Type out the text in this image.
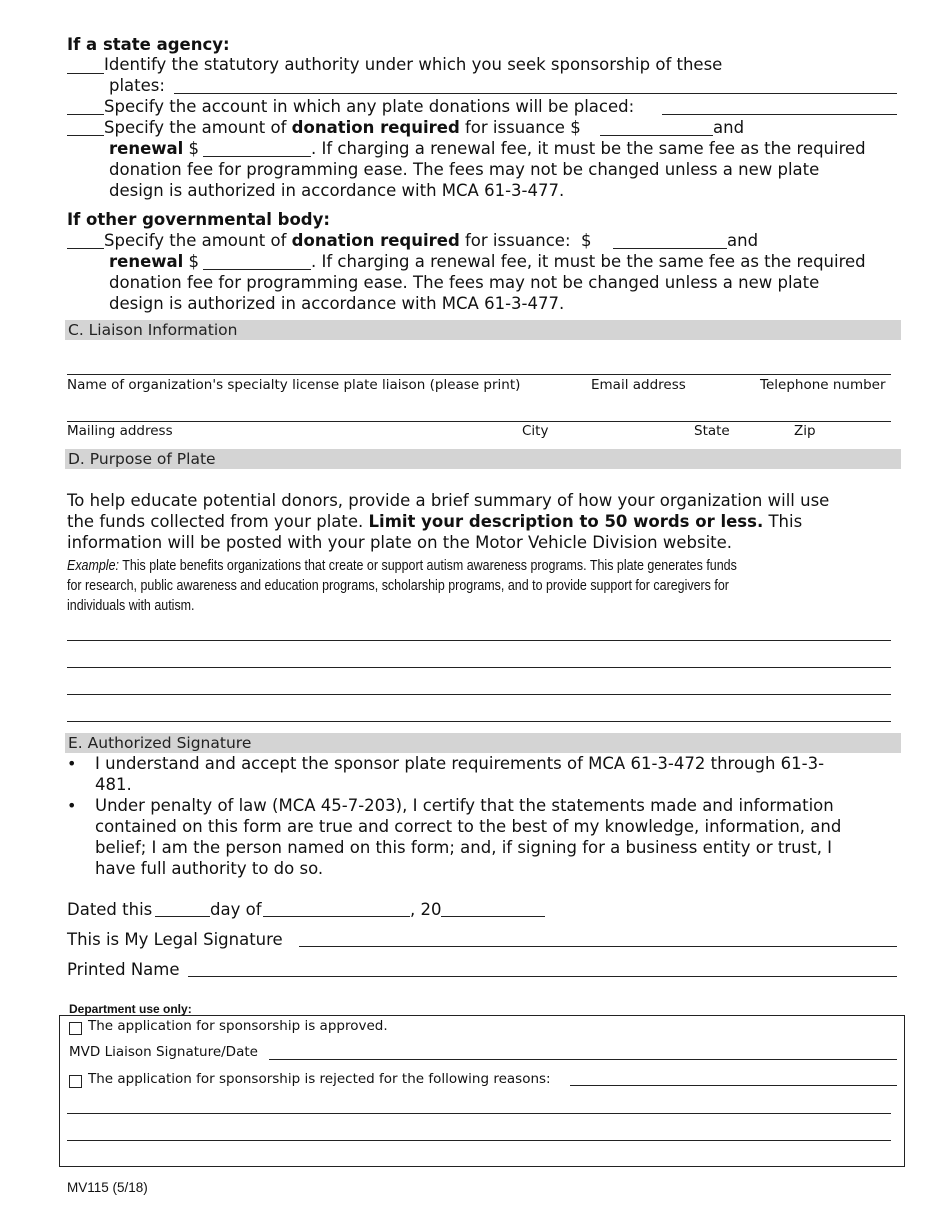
If a state agency:
Identify the statutory authority under which you seek sponsorship of these
plates:
Specify the account in which any plate donations will be placed:
Specify the amount of donation required for issuance $	and
renewal $	. If charging a renewal fee, it must be the same fee as the required
donation fee for programming ease. The fees may not be changed unless a new plate
design is authorized in accordance with MCA 61-3-477.
If other governmental body:
Specify the amount of donation required for issuance:  $	and
renewal $	. If charging a renewal fee, it must be the same fee as the required
donation fee for programming ease. The fees may not be changed unless a new plate
design is authorized in accordance with MCA 61-3-477.
C. Liaison Information
Name of organization's specialty license plate liaison (please print)	Email address	Telephone number
Mailing address	City	State	Zip
D. Purpose of Plate
To help educate potential donors, provide a brief summary of how your organization will use
the funds collected from your plate. Limit your description to 50 words or less. This
information will be posted with your plate on the Motor Vehicle Division website.
Example: This plate benefits organizations that create or support autism awareness programs. This plate generates funds
for research, public awareness and education programs, scholarship programs, and to provide support for caregivers for
individuals with autism.
E. Authorized Signature
• I understand and accept the sponsor plate requirements of MCA 61-3-472 through 61-3-
481.
• Under penalty of law (MCA 45-7-203), I certify that the statements made and information
contained on this form are true and correct to the best of my knowledge, information, and
belief; I am the person named on this form; and, if signing for a business entity or trust, I
have full authority to do so.
Dated this	day of	, 20
This is My Legal Signature
Printed Name
Department use only:
The application for sponsorship is approved.
MVD Liaison Signature/Date
The application for sponsorship is rejected for the following reasons:
MV115 (5/18)
